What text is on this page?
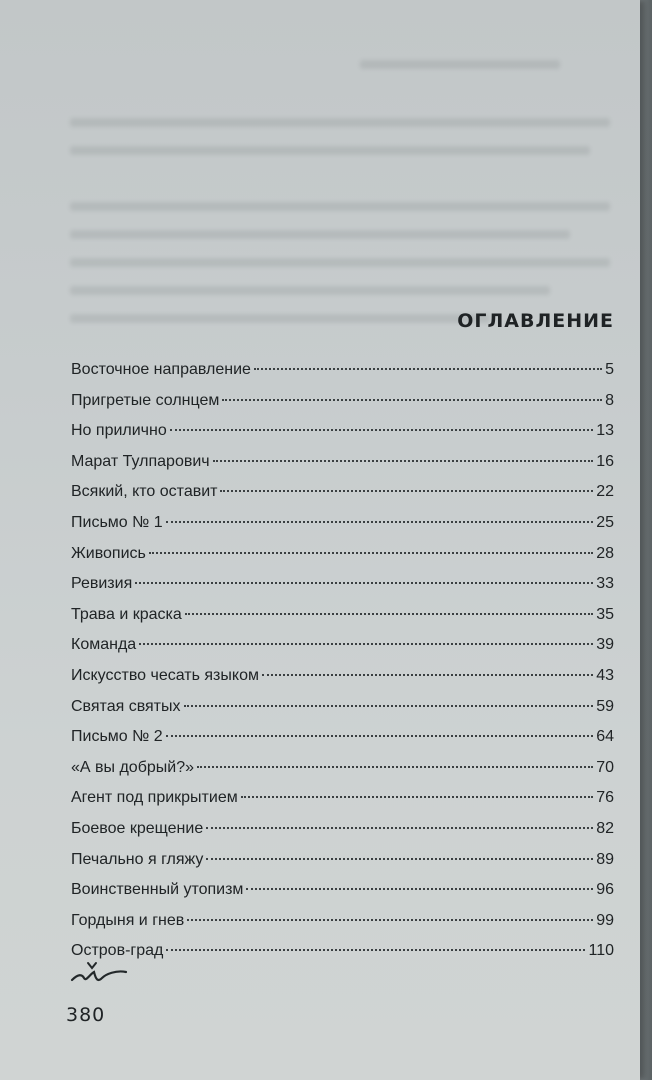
ОГЛАВЛЕНИЕ
Восточное направление	5
Пригретые солнцем	8
Но прилично	13
Марат Тулпарович	16
Всякий, кто оставит	22
Письмо № 1	25
Живопись	28
Ревизия	33
Трава и краска	35
Команда	39
Искусство чесать языком	43
Святая святых	59
Письмо № 2	64
«А вы добрый?»	70
Агент под прикрытием	76
Боевое крещение	82
Печально я гляжу	89
Воинственный утопизм	96
Гордыня и гнев	99
Остров-град	110
380
